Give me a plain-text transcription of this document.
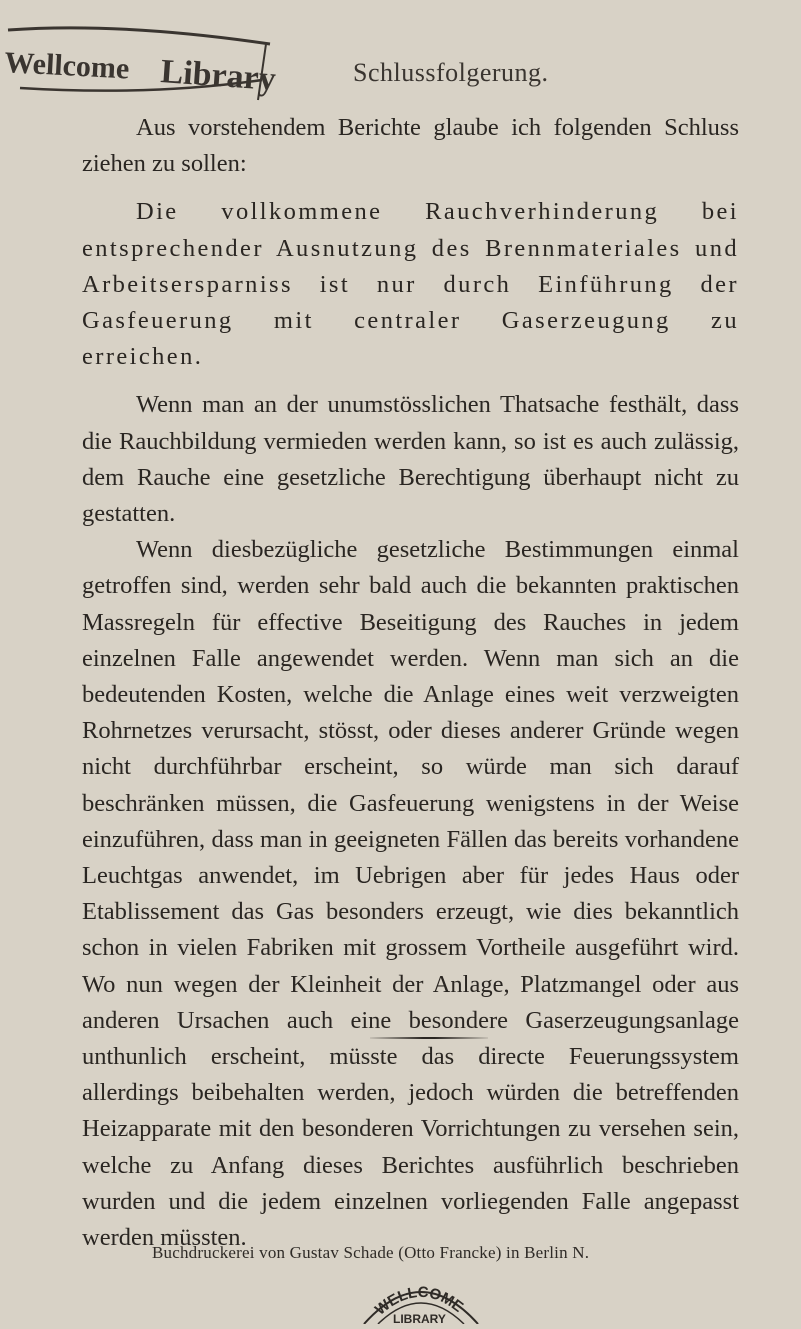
Wellcome Library	Schlussfolgerung.

Aus vorstehendem Berichte glaube ich folgenden Schluss ziehen zu sollen:

Die vollkommene Rauchverhinderung bei entsprechender Ausnutzung des Brennmateriales und Arbeitsersparniss ist nur durch Einführung der Gasfeuerung mit centraler Gaserzeugung zu erreichen.

Wenn man an der unumstösslichen Thatsache festhält, dass die Rauchbildung vermieden werden kann, so ist es auch zulässig, dem Rauche eine gesetzliche Berechtigung überhaupt nicht zu gestatten.

Wenn diesbezügliche gesetzliche Bestimmungen einmal getroffen sind, werden sehr bald auch die bekannten praktischen Massregeln für effective Beseitigung des Rauches in jedem einzelnen Falle angewendet werden. Wenn man sich an die bedeutenden Kosten, welche die Anlage eines weit verzweigten Rohrnetzes verursacht, stösst, oder dieses anderer Gründe wegen nicht durchführbar erscheint, so würde man sich darauf beschränken müssen, die Gasfeuerung wenigstens in der Weise einzuführen, dass man in geeigneten Fällen das bereits vorhandene Leuchtgas anwendet, im Uebrigen aber für jedes Haus oder Etablissement das Gas besonders erzeugt, wie dies bekanntlich schon in vielen Fabriken mit grossem Vortheile ausgeführt wird. Wo nun wegen der Kleinheit der Anlage, Platzmangel oder aus anderen Ursachen auch eine besondere Gaserzeugungsanlage unthunlich erscheint, müsste das directe Feuerungssystem allerdings beibehalten werden, jedoch würden die betreffenden Heizapparate mit den besonderen Vorrichtungen zu versehen sein, welche zu Anfang dieses Berichtes ausführlich beschrieben wurden und die jedem einzelnen vorliegenden Falle angepasst werden müssten.

Buchdruckerei von Gustav Schade (Otto Francke) in Berlin N.
WELLCOME
LIBRARY
